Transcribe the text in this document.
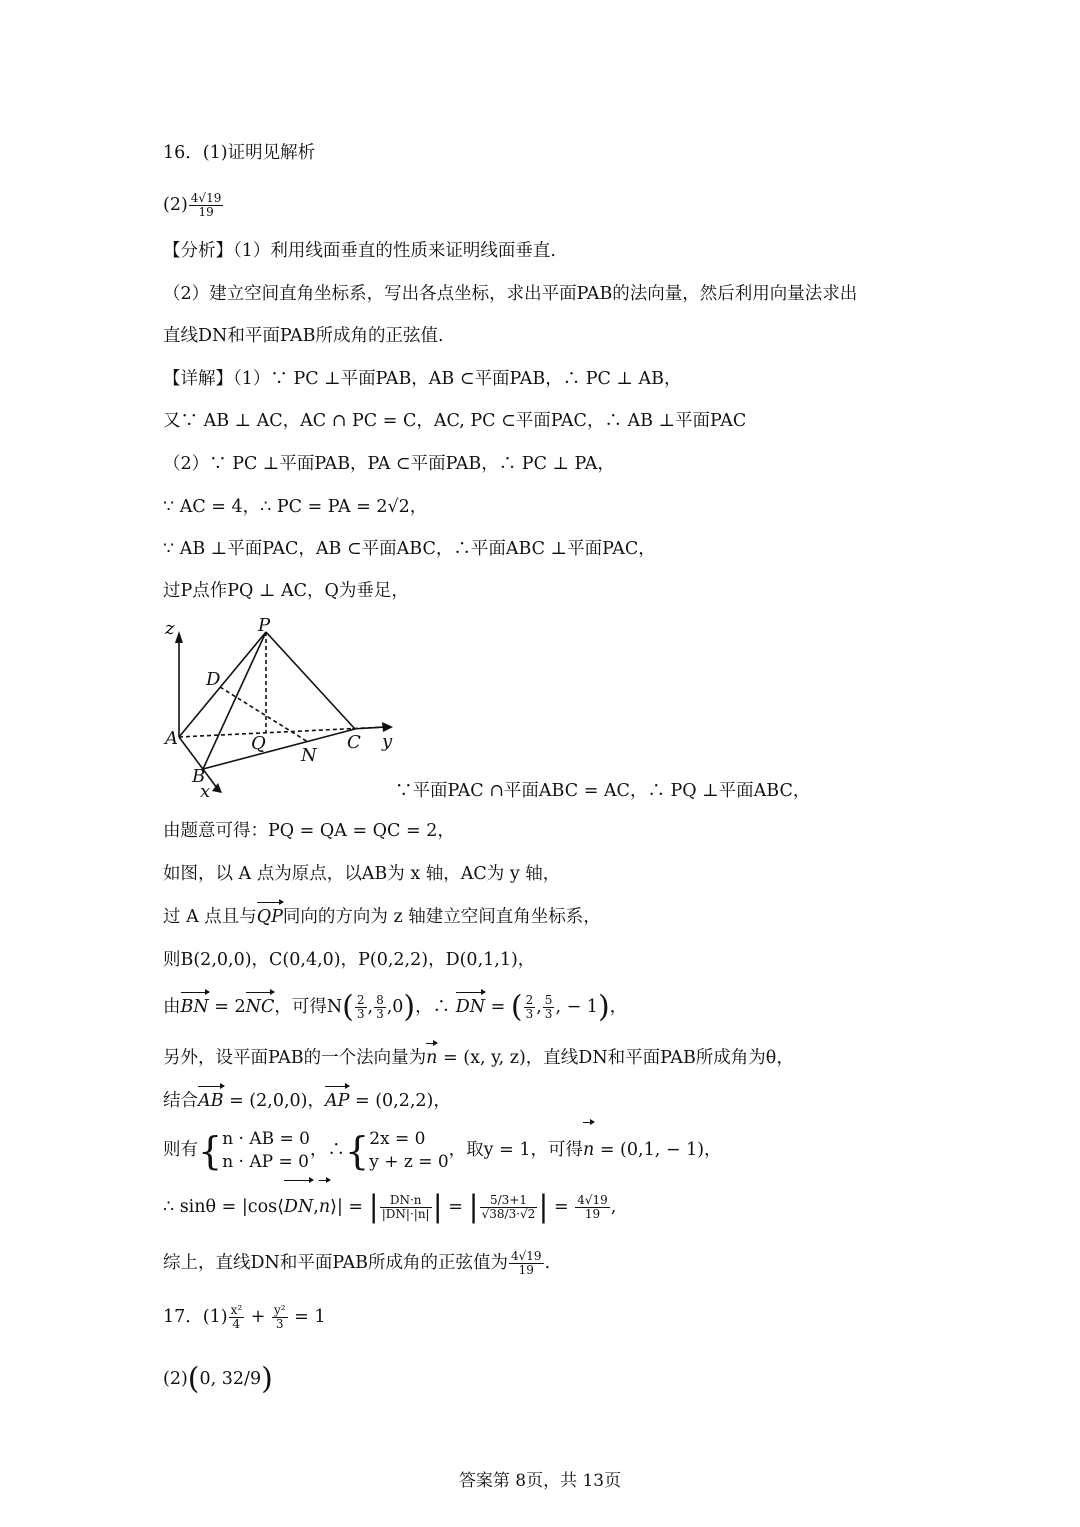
16．(1)证明见解析
$(2) \frac{4√19}{19}$
【分析】（1）利用线面垂直的性质来证明线面垂直.
（2）建立空间直角坐标系，写出各点坐标，求出平面PAB的法向量，然后利用向量法求出
直线DN和平面PAB所成角的正弦值.
【详解】（1）∵ PC ⊥平面PAB，AB ⊂平面PAB，∴ PC ⊥ AB，
又∵ AB ⊥ AC，AC ∩ PC = C，AC, PC ⊂平面PAC，∴ AB ⊥平面PAC
（2）∵ PC ⊥平面PAB，PA ⊂平面PAB，∴ PC ⊥ PA，
∵ AC = 4，∴ PC = PA = 2√2，
∵ AB ⊥平面PAC，AB ⊂平面ABC，∴平面ABC ⊥平面PAC，
过P点作PQ ⊥ AC，Q为垂足，
z	P
D
A	Q
N
C y
B
x	∵平面PAC ∩平面ABC = AC，∴ PQ ⊥平面ABC，
由题意可得：PQ = QA = QC = 2，
如图，以 A 点为原点，以AB为 x 轴，AC为 y 轴，
过 A 点且与QP同向的方向为 z 轴建立空间直角坐标系，
则B(2,0,0)，C(0,4,0)，P(0,2,2)，D(0,1,1)，
由BN = 2NC，可得$N( \frac{2}{3}$ , $\frac{8}{3} ,0$)，∴ DN = ( $\frac{2}{3}$ , $\frac{5}{3}$ , − 1)，
另外，设平面PAB的一个法向量为n = (x, y, z)，直线DN和平面PAB所成角为θ，
结合AB = (2,0,0)，AP = (0,2,2)，
则有{ n · AB = 0
n · AP = 0
，∴{ 2x = 0
y + z = 0
，取y = 1，可得n = (0,1, − 1)，
∴ sinθ = |cos⟨DN,n⟩| = | $\frac{DN\cdot n}{|DN|\cdot|n|}$ | = | $\frac{5/3+1}{√38/3\cdot√2}$ | = $\frac{4√19}{19}$ ,
综上，直线DN和平面PAB所成角的正弦值为 $\frac{4√19}{19}$ .
17．$(1) \frac{\text{x²}}{4} + \frac{\text{y²}}{3} = 1$
(2)(0, 32/9)
答案第 8页，共 13页
